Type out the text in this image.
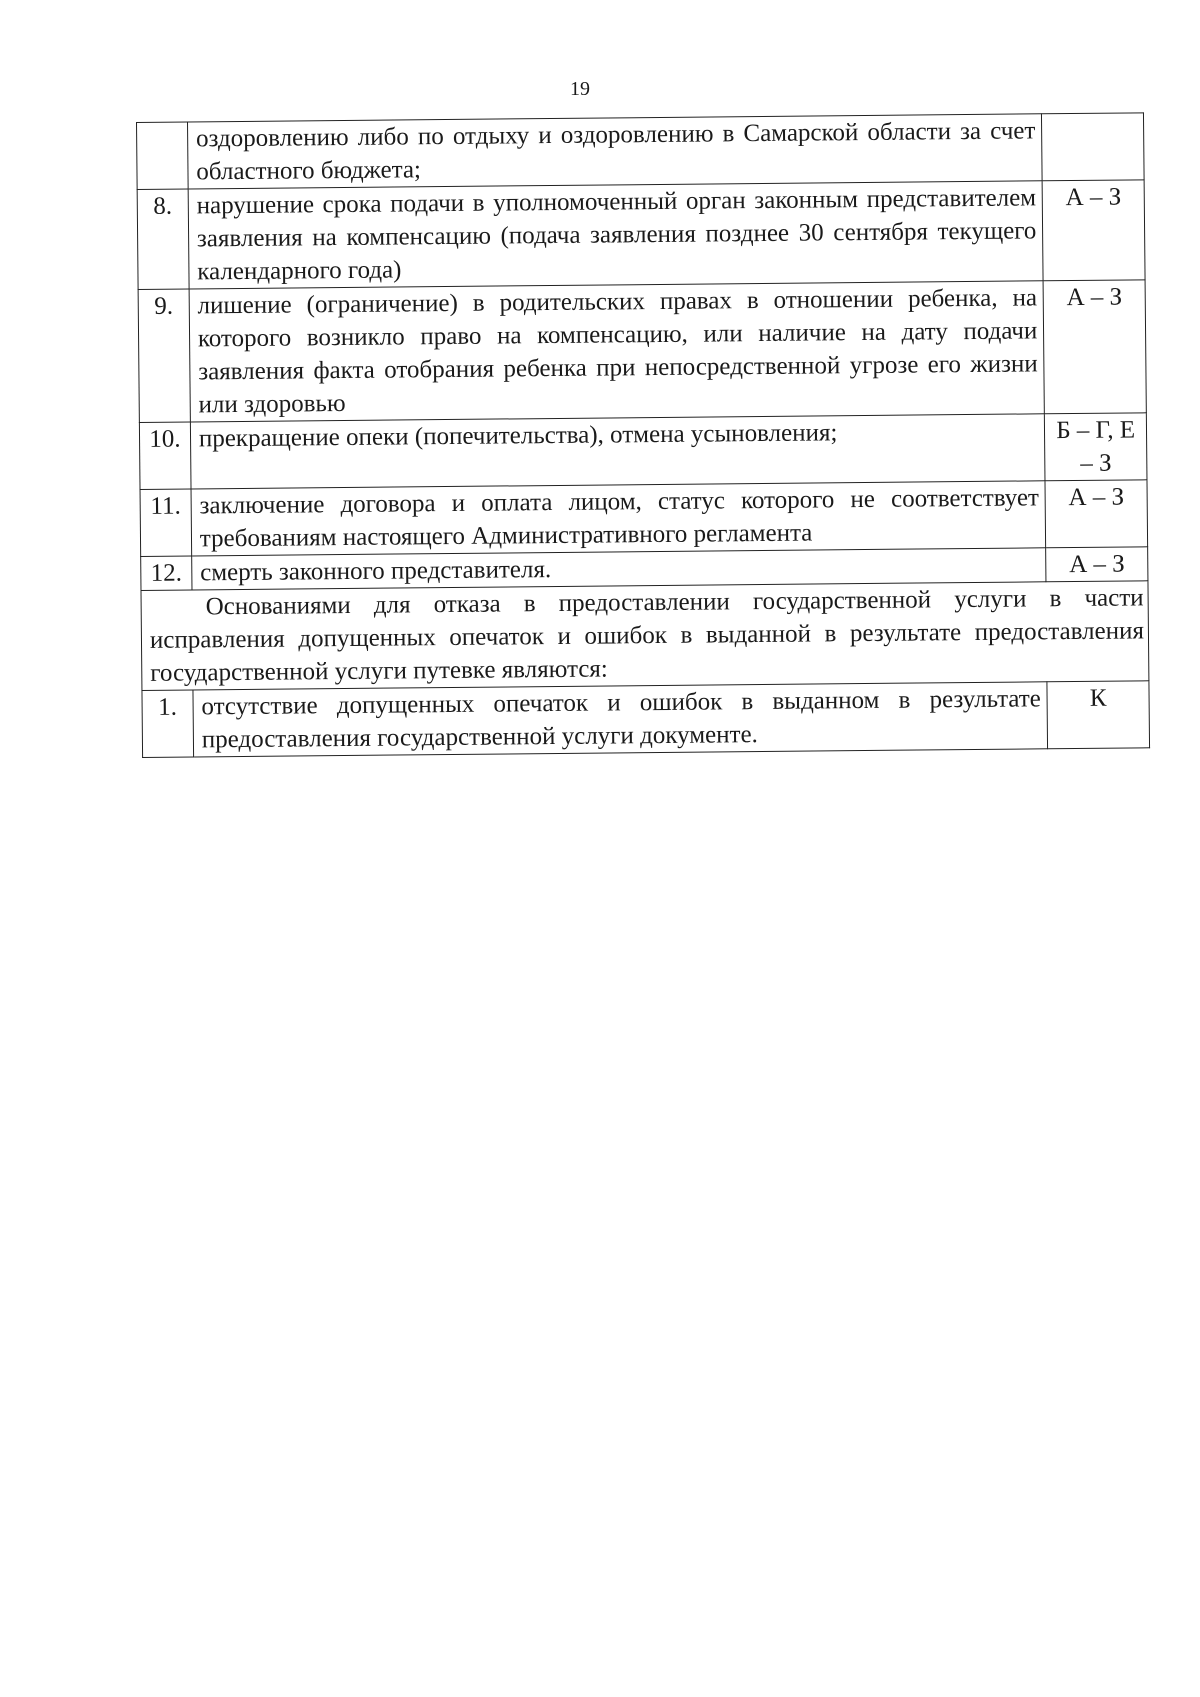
19
	оздоровлению либо по отдыху и оздоровлению в Самарской области за счет областного бюджета;	
8.	нарушение срока подачи в уполномоченный орган законным представителем заявления на компенсацию (подача заявления позднее 30 сентября текущего календарного года)	А – З
9.	лишение (ограничение) в родительских правах в отношении ребенка, на которого возникло право на компенсацию, или наличие на дату подачи заявления факта отобрания ребенка при непосредственной угрозе его жизни или здоровью	А – З
10.	прекращение опеки (попечительства), отмена усыновления;	Б – Г, Е – З
11.	заключение договора и оплата лицом, статус которого не соответствует требованиям настоящего Административного регламента	А – З
12.	смерть законного представителя.	А – З
Основаниями для отказа в предоставлении государственной услуги в части исправления допущенных опечаток и ошибок в выданной в результате предоставления государственной услуги путевке являются:		
1.	отсутствие допущенных опечаток и ошибок в выданном в результате предоставления государственной услуги документе.	К
